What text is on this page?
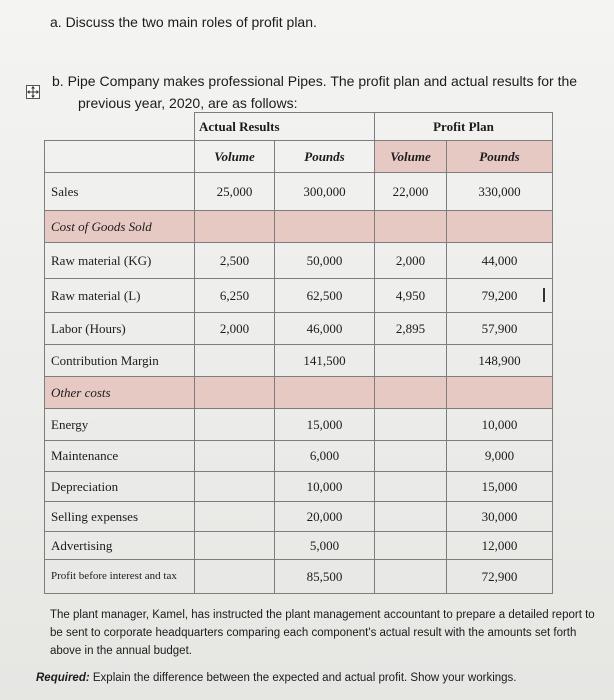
a. Discuss the two main roles of profit plan.
b. Pipe Company makes professional Pipes. The profit plan and actual results for the
previous year, 2020, are as follows:
	Actual Results		Profit Plan	
	Volume	Pounds	Volume	Pounds
Sales	25,000	300,000	22,000	330,000
Cost of Goods Sold				
Raw material (KG)	2,500	50,000	2,000	44,000
Raw material (L)	6,250	62,500	4,950	79,200
Labor (Hours)	2,000	46,000	2,895	57,900
Contribution Margin		141,500		148,900
Other costs				
Energy		15,000		10,000
Maintenance		6,000		9,000
Depreciation		10,000		15,000
Selling expenses		20,000		30,000
Advertising		5,000		12,000
Profit before interest and tax		85,500		72,900
The plant manager, Kamel, has instructed the plant management accountant to prepare a detailed report to be sent to corporate headquarters comparing each component's actual result with the amounts set forth above in the annual budget.
Required: Explain the difference between the expected and actual profit. Show your workings.
